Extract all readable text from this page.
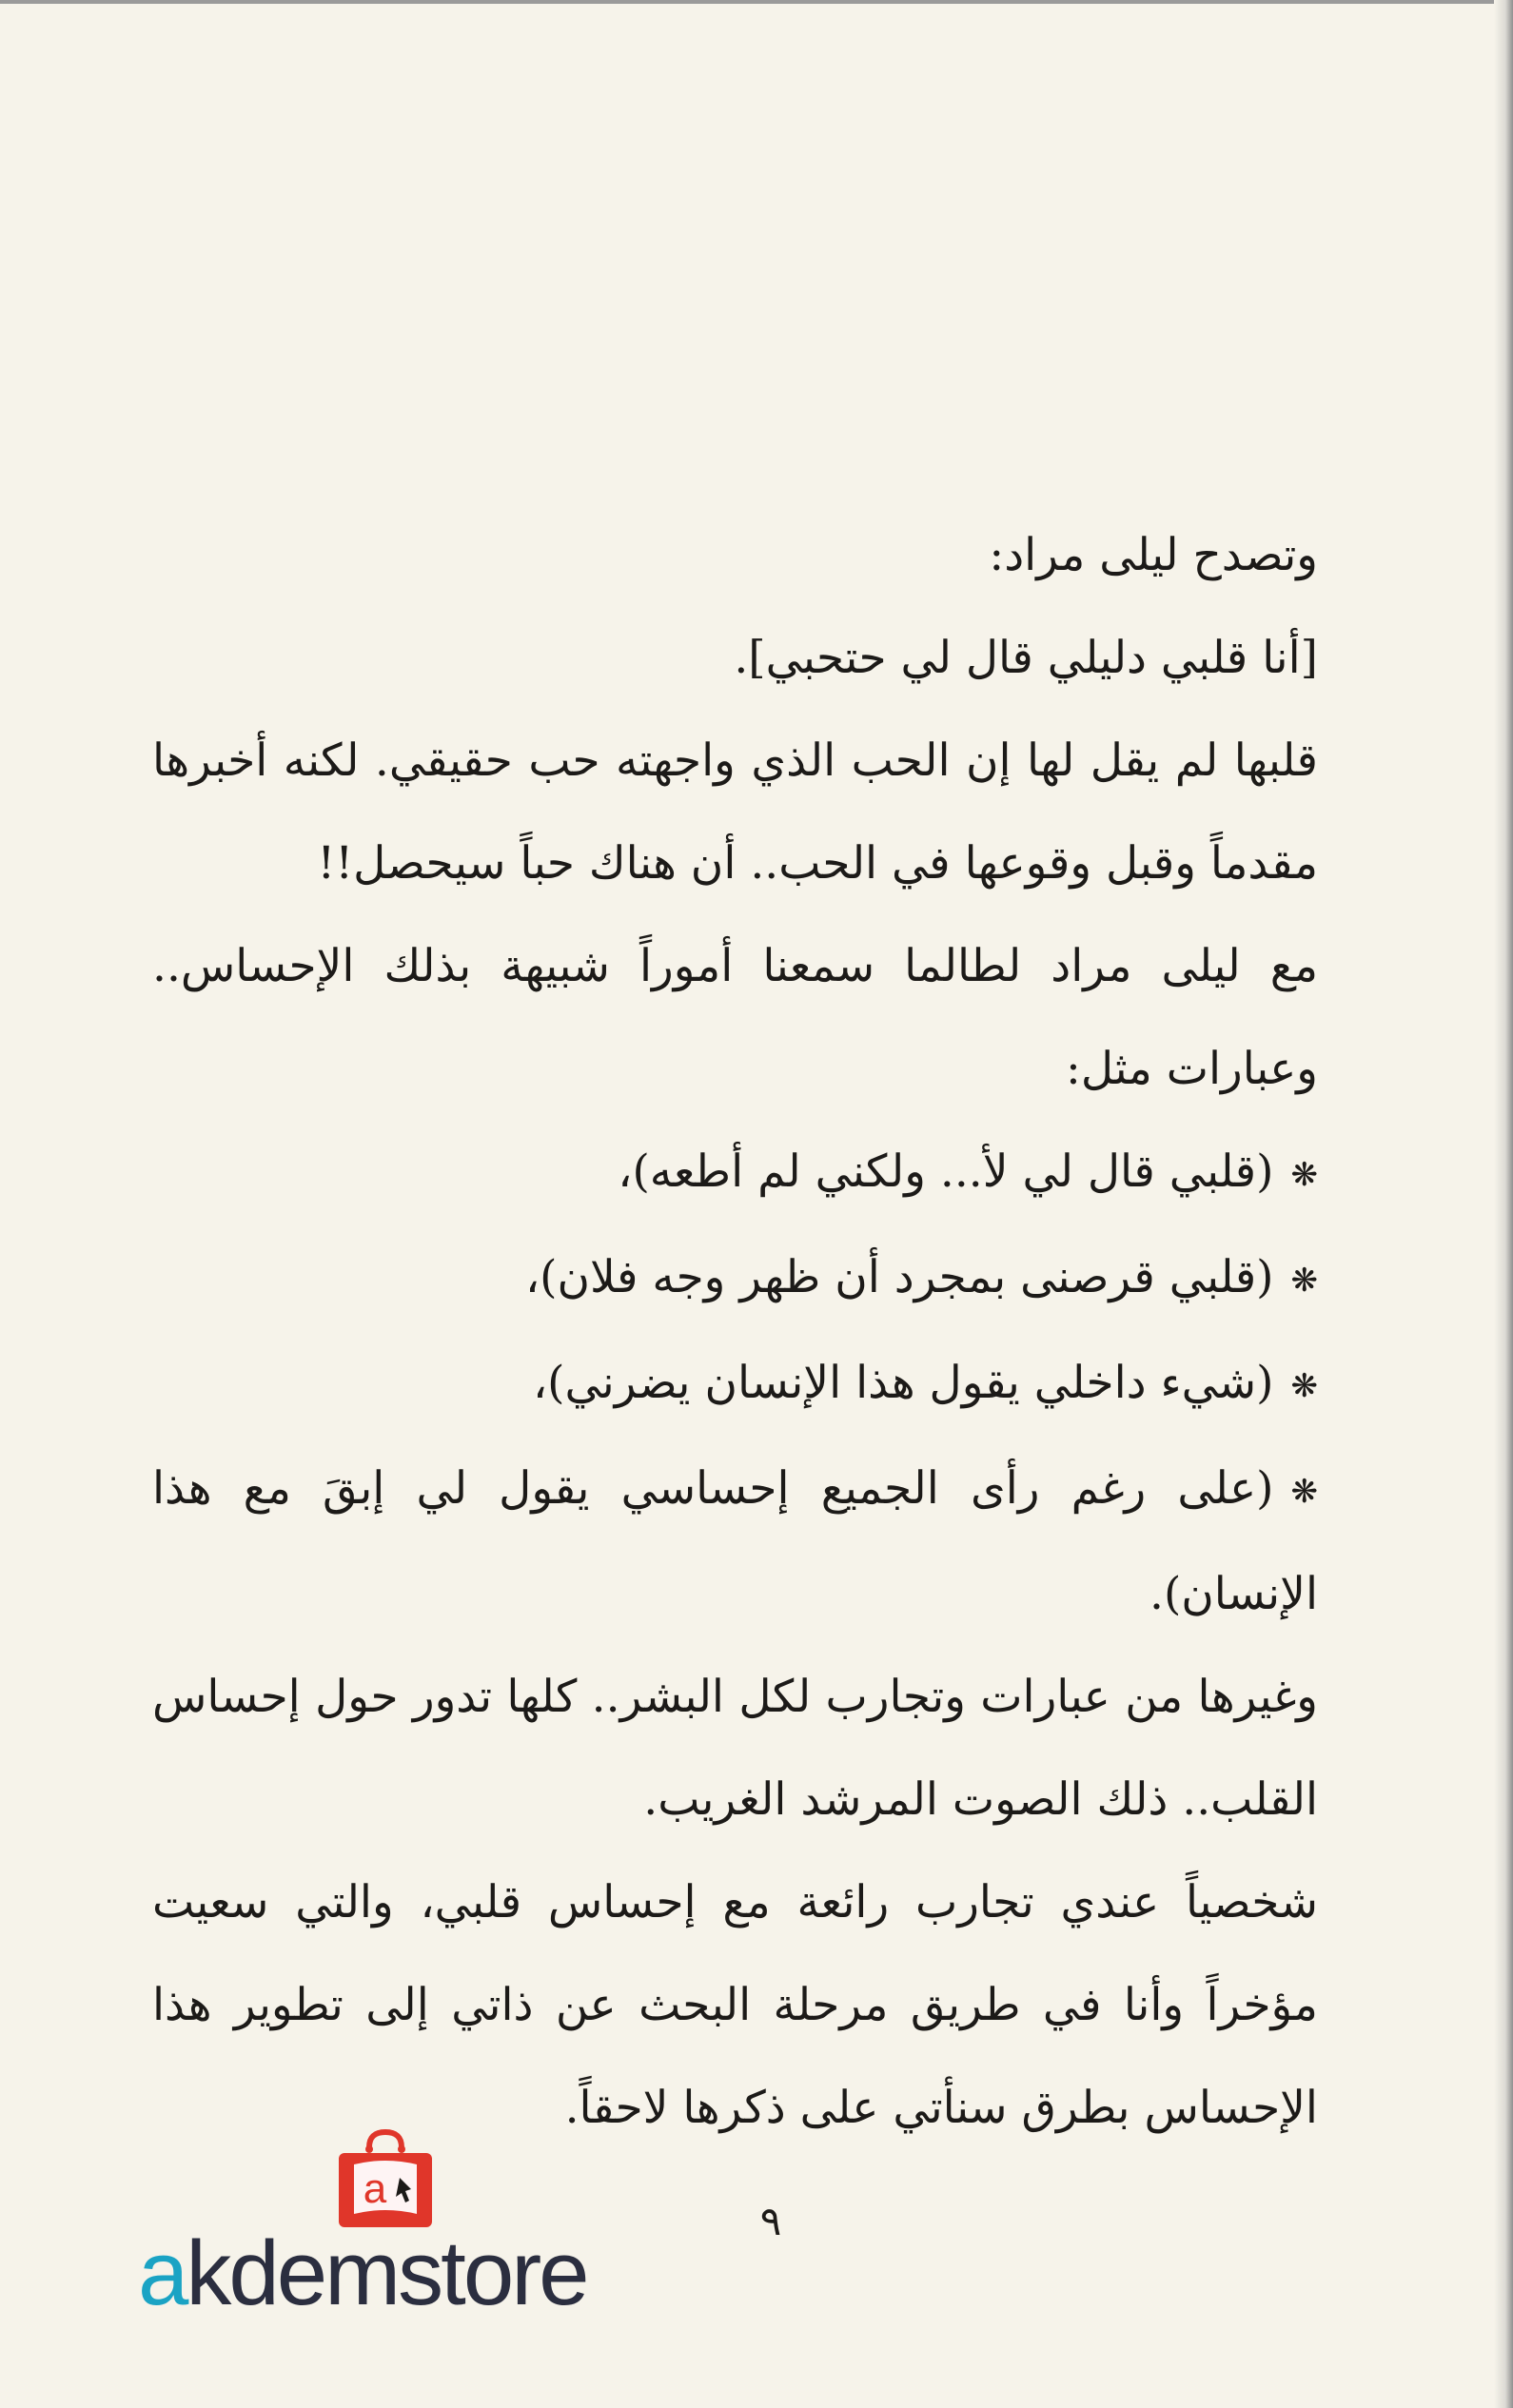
وتصدح ليلى مراد:

[أنا قلبي دليلي قال لي حتحبي].

قلبها لم يقل لها إن الحب الذي واجهته حب حقيقي. لكنه أخبرها مقدماً وقبل وقوعها في الحب.. أن هناك حباً سيحصل!!

مع ليلى مراد لطالما سمعنا أموراً شبيهة بذلك الإحساس.. وعبارات مثل:

❋(قلبي قال لي لأ... ولكني لم أطعه)،

❋(قلبي قرصنى بمجرد أن ظهر وجه فلان)،

❋(شيء داخلي يقول هذا الإنسان يضرني)،

❋(على رغم رأى الجميع إحساسي يقول لي إبقَ مع هذا الإنسان).

وغيرها من عبارات وتجارب لكل البشر.. كلها تدور حول إحساس القلب.. ذلك الصوت المرشد الغريب.

شخصياً عندي تجارب رائعة مع إحساس قلبي، والتي سعيت مؤخراً وأنا في طريق مرحلة البحث عن ذاتي إلى تطوير هذا الإحساس بطرق سنأتي على ذكرها لاحقاً.

٩
a
akdemstore
